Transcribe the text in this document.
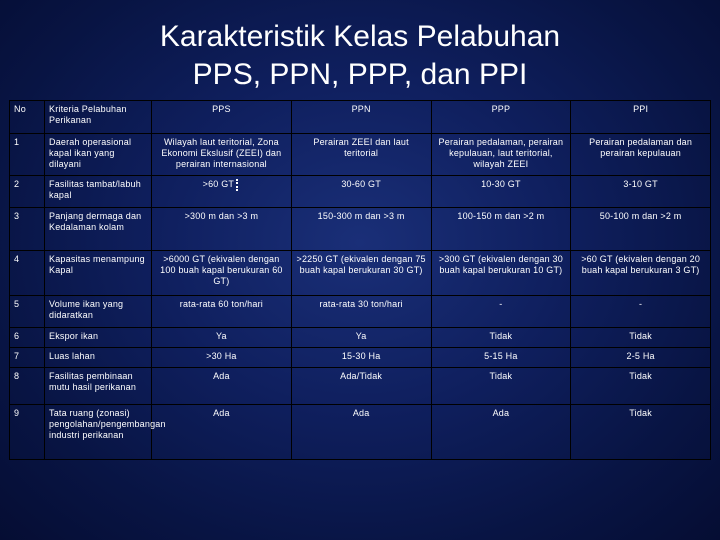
Karakteristik Kelas Pelabuhan
PPS, PPN, PPP, dan PPI
No	Kriteria Pelabuhan Perikanan	PPS	PPN	PPP	PPI
1	Daerah operasional kapal ikan yang dilayani	Wilayah laut teritorial, Zona Ekonomi Ekslusif (ZEEI) dan perairan internasional	Perairan ZEEI dan laut teritorial	Perairan pedalaman, perairan kepulauan, laut teritorial, wilayah ZEEI	Perairan pedalaman dan perairan kepulauan
2	Fasilitas tambat/labuh kapal	>60 GT	30-60 GT	10-30 GT	3-10 GT
3	Panjang dermaga dan Kedalaman kolam	>300 m dan >3 m	150-300 m dan >3 m	100-150 m dan >2 m	50-100 m dan >2 m
4	Kapasitas menampung Kapal	>6000 GT (ekivalen dengan 100 buah kapal berukuran 60 GT)	>2250 GT (ekivalen dengan 75 buah kapal berukuran 30 GT)	>300 GT (ekivalen dengan 30 buah kapal berukuran 10 GT)	>60 GT (ekivalen dengan 20 buah kapal berukuran 3 GT)
5	Volume ikan yang didaratkan	rata-rata 60 ton/hari	rata-rata 30 ton/hari	-	-
6	Ekspor ikan	Ya	Ya	Tidak	Tidak
7	Luas lahan	>30 Ha	15-30 Ha	5-15 Ha	2-5 Ha
8	Fasilitas pembinaan mutu hasil perikanan	Ada	Ada/Tidak	Tidak	Tidak
9	Tata ruang (zonasi) pengolahan/pengembangan industri perikanan	Ada	Ada	Ada	Tidak
